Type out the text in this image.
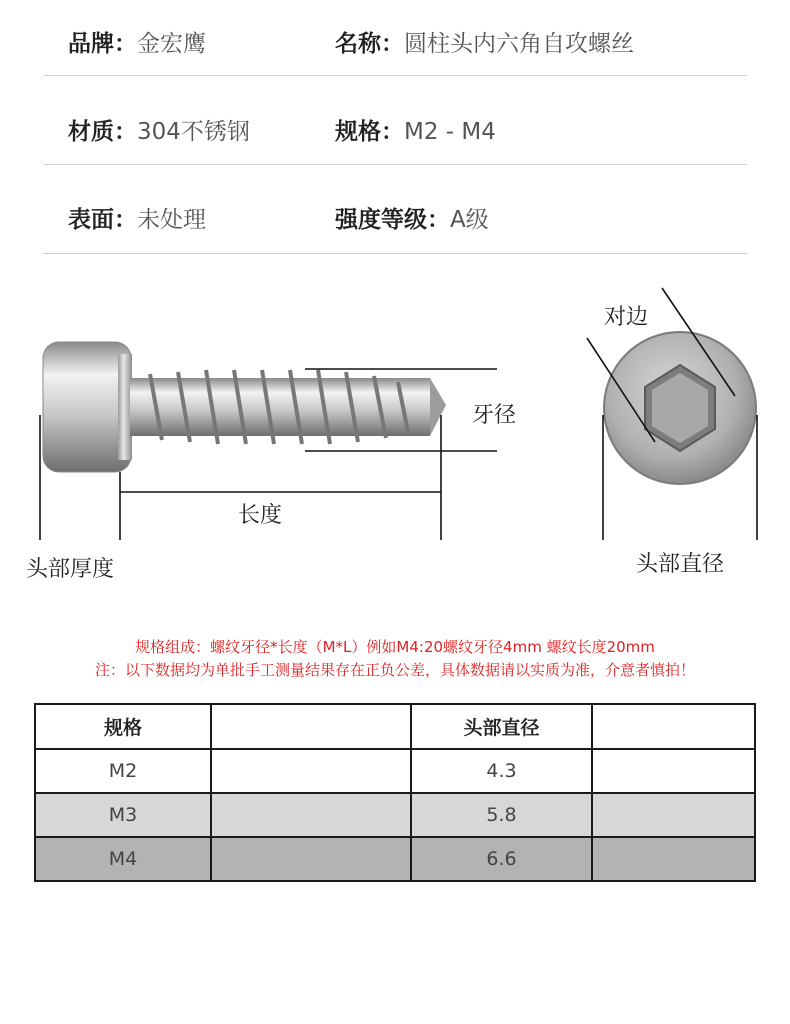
品牌：金宏鹰	名称：圆柱头内六角自攻螺丝
材质：304不锈钢	规格：M2 - M4
表面：未处理	强度等级：A级
牙径
长度
头部厚度
对边
头部直径
规格组成：螺纹牙径*长度（M*L）例如M4:20螺纹牙径4mm 螺纹长度20mm
注：以下数据均为单批手工测量结果存在正负公差，具体数据请以实质为准，介意者慎拍！
规格		头部直径	
M2		4.3	
M3		5.8	
M4		6.6	
